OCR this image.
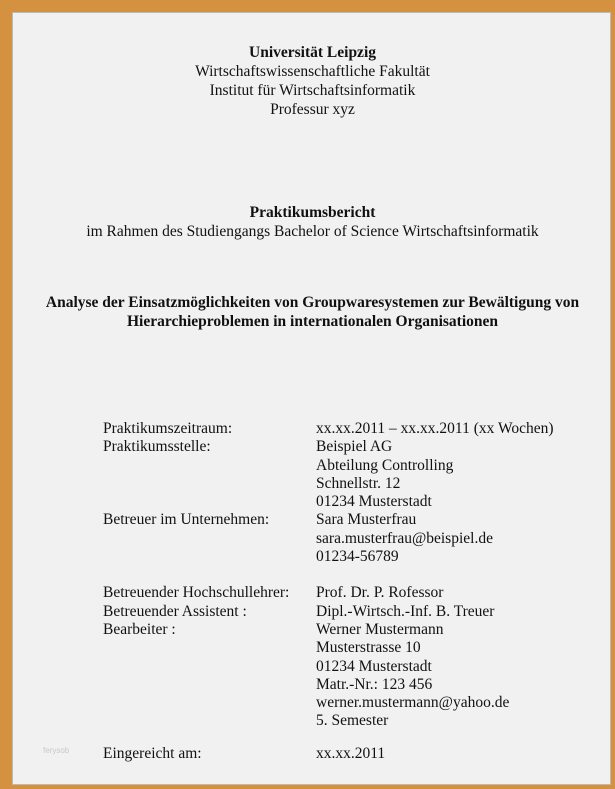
Universität Leipzig
Wirtschaftswissenschaftliche Fakultät
Institut für Wirtschaftsinformatik
Professur xyz
Praktikumsbericht
im Rahmen des Studiengangs Bachelor of Science Wirtschaftsinformatik
Analyse der Einsatzmöglichkeiten von Groupwaresystemen zur Bewältigung von
Hierarchieproblemen in internationalen Organisationen
Praktikumszeitraum:	xx.xx.2011 – xx.xx.2011 (xx Wochen)
Praktikumsstelle:	Beispiel AG
Abteilung Controlling
Schnellstr. 12
01234 Musterstadt
Betreuer im Unternehmen:	Sara Musterfrau
sara.musterfrau@beispiel.de
01234-56789
Betreuender Hochschullehrer:	Prof. Dr. P. Rofessor
Betreuender Assistent :	Dipl.-Wirtsch.-Inf. B. Treuer
Bearbeiter :	Werner Mustermann
Musterstrasse 10
01234 Musterstadt
Matr.-Nr.: 123 456
werner.mustermann@yahoo.de
5. Semester
Eingereicht am:	xx.xx.2011
ferysob
